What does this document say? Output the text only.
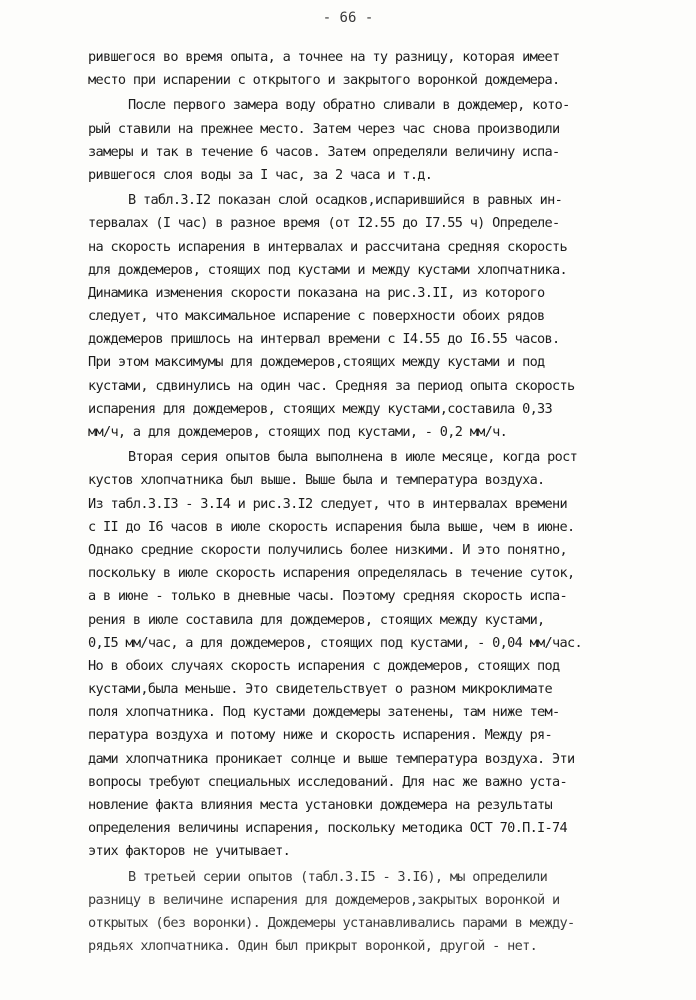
- 66 -
рившегося во время опыта, а точнее на ту разницу, которая имеет
место при испарении с открытого и закрытого воронкой дождемера.
После первого замера воду обратно сливали в дождемер, кото-
рый ставили на прежнее место. Затем через час снова производили
замеры и так в течение 6 часов. Затем определяли величину испа-
рившегося слоя воды за I час, за 2 часа и т.д.
В табл.3.I2 показан слой осадков,испарившийся в равных ин-
тервалах (I час) в разное время (от I2.55 до I7.55 ч) Определе-
на скорость испарения в интервалах и рассчитана средняя скорость
для дождемеров, стоящих под кустами и между кустами хлопчатника.
Динамика изменения скорости показана на рис.3.II, из которого
следует, что максимальное испарение с поверхности обоих рядов
дождемеров пришлось на интервал времени с I4.55 до I6.55 часов.
При этом максимумы для дождемеров,стоящих между кустами и под
кустами, сдвинулись на один час. Средняя за период опыта скорость
испарения для дождемеров, стоящих между кустами,составила 0,33
мм/ч, а для дождемеров, стоящих под кустами, - 0,2 мм/ч.
Вторая серия опытов была выполнена в июле месяце, когда рост
кустов хлопчатника был выше. Выше была и температура воздуха.
Из табл.3.I3 - 3.I4 и рис.3.I2 следует, что в интервалах времени
с II до I6 часов в июле скорость испарения была выше, чем в июне.
Однако средние скорости получились более низкими. И это понятно,
поскольку в июле скорость испарения определялась в течение суток,
а в июне - только в дневные часы. Поэтому средняя скорость испа-
рения в июле составила для дождемеров, стоящих между кустами,
0,I5 мм/час, а для дождемеров, стоящих под кустами, - 0,04 мм/час.
Но в обоих случаях скорость испарения с дождемеров, стоящих под
кустами,была меньше. Это свидетельствует о разном микроклимате
поля хлопчатника. Под кустами дождемеры затенены, там ниже тем-
пература воздуха и потому ниже и скорость испарения. Между ря-
дами хлопчатника проникает солнце и выше температура воздуха. Эти
вопросы требуют специальных исследований. Для нас же важно уста-
новление факта влияния места установки дождемера на результаты
определения величины испарения, поскольку методика ОСТ 70.П.І-74
этих факторов не учитывает.
В третьей серии опытов (табл.3.I5 - 3.I6), мы определили
разницу в величине испарения для дождемеров,закрытых воронкой и
открытых (без воронки). Дождемеры устанавливались парами в между-
рядьях хлопчатника. Один был прикрыт воронкой, другой - нет.
